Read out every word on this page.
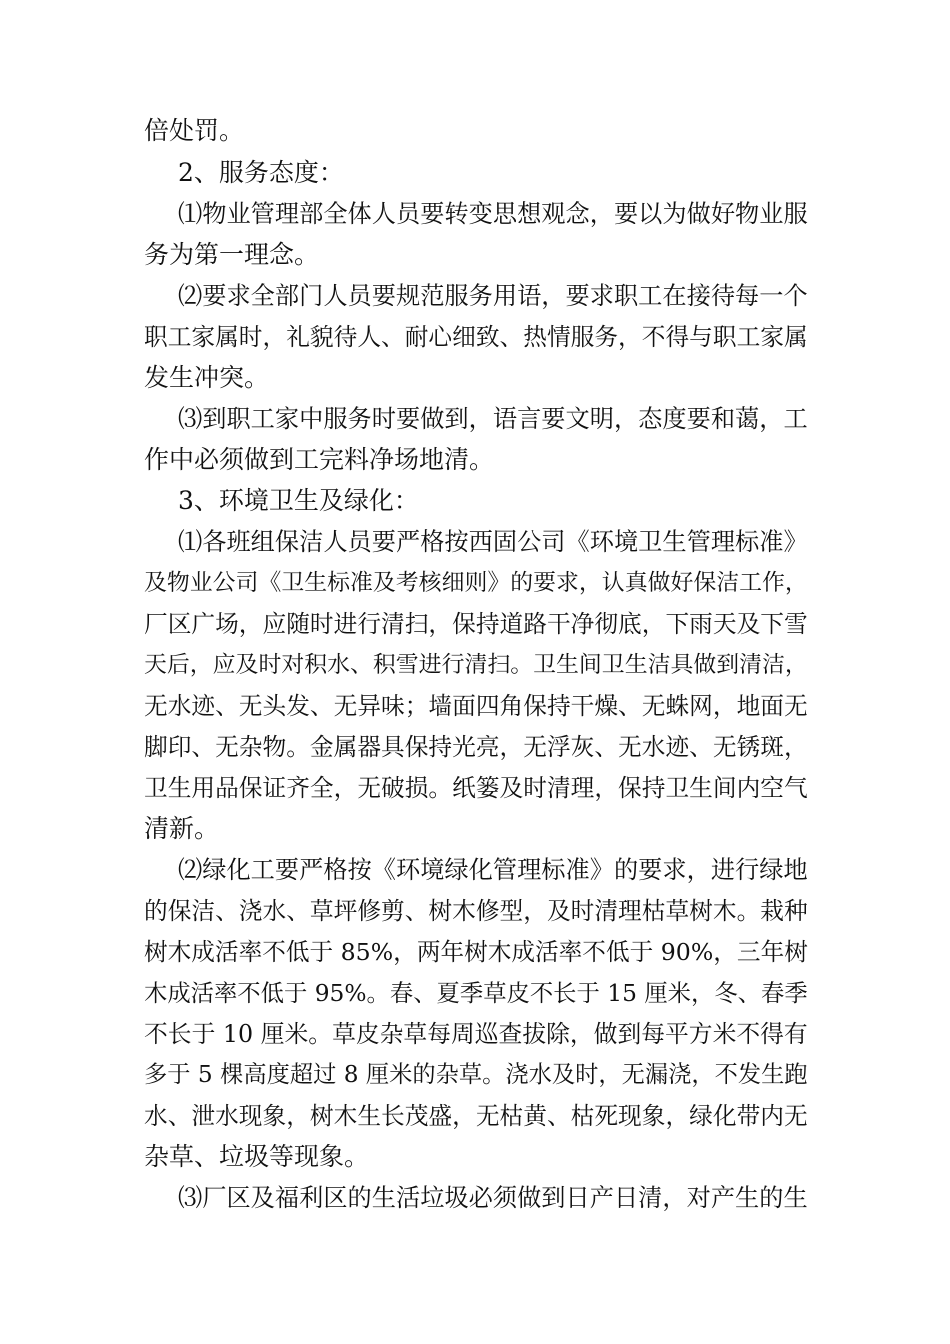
倍处罚。
2、服务态度：
⑴物业管理部全体人员要转变思想观念，要以为做好物业服
务为第一理念。
⑵要求全部门人员要规范服务用语，要求职工在接待每一个
职工家属时，礼貌待人、耐心细致、热情服务，不得与职工家属
发生冲突。
⑶到职工家中服务时要做到，语言要文明，态度要和蔼，工
作中必须做到工完料净场地清。
3、环境卫生及绿化：
⑴各班组保洁人员要严格按西固公司《环境卫生管理标准》
及物业公司《卫生标准及考核细则》的要求，认真做好保洁工作，
厂区广场，应随时进行清扫，保持道路干净彻底，下雨天及下雪
天后，应及时对积水、积雪进行清扫。卫生间卫生洁具做到清洁，
无水迹、无头发、无异味；墙面四角保持干燥、无蛛网，地面无
脚印、无杂物。金属器具保持光亮，无浮灰、无水迹、无锈斑，
卫生用品保证齐全，无破损。纸篓及时清理，保持卫生间内空气
清新。
⑵绿化工要严格按《环境绿化管理标准》的要求，进行绿地
的保洁、浇水、草坪修剪、树木修型，及时清理枯草树木。栽种
树木成活率不低于 85%，两年树木成活率不低于 90%，三年树
木成活率不低于 95%。春、夏季草皮不长于 15 厘米，冬、春季
不长于 10 厘米。草皮杂草每周巡查拔除，做到每平方米不得有
多于 5 棵高度超过 8 厘米的杂草。浇水及时，无漏浇，不发生跑
水、泄水现象，树木生长茂盛，无枯黄、枯死现象，绿化带内无
杂草、垃圾等现象。
⑶厂区及福利区的生活垃圾必须做到日产日清，对产生的生
